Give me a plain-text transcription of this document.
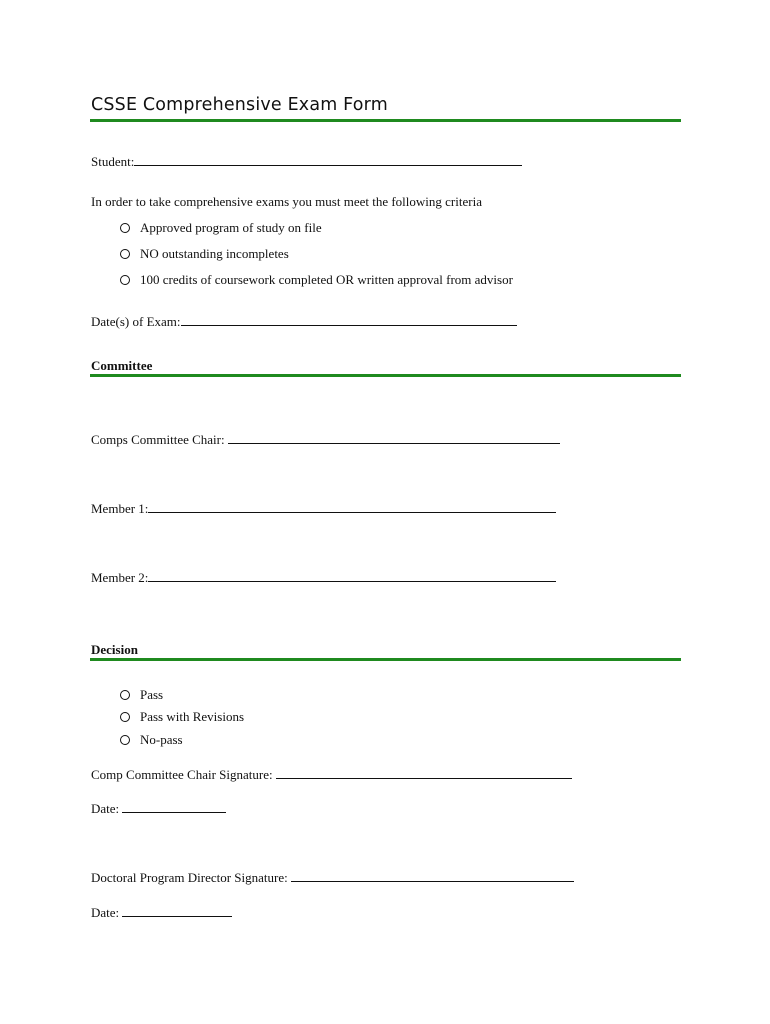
CSSE Comprehensive Exam Form
Student:
In order to take comprehensive exams you must meet the following criteria
Approved program of study on file
NO outstanding incompletes
100 credits of coursework completed OR written approval from advisor
Date(s) of Exam:
Committee
Comps Committee Chair:
Member 1:
Member 2:
Decision
Pass
Pass with Revisions
No-pass
Comp Committee Chair Signature:
Date:
Doctoral Program Director Signature:
Date:
